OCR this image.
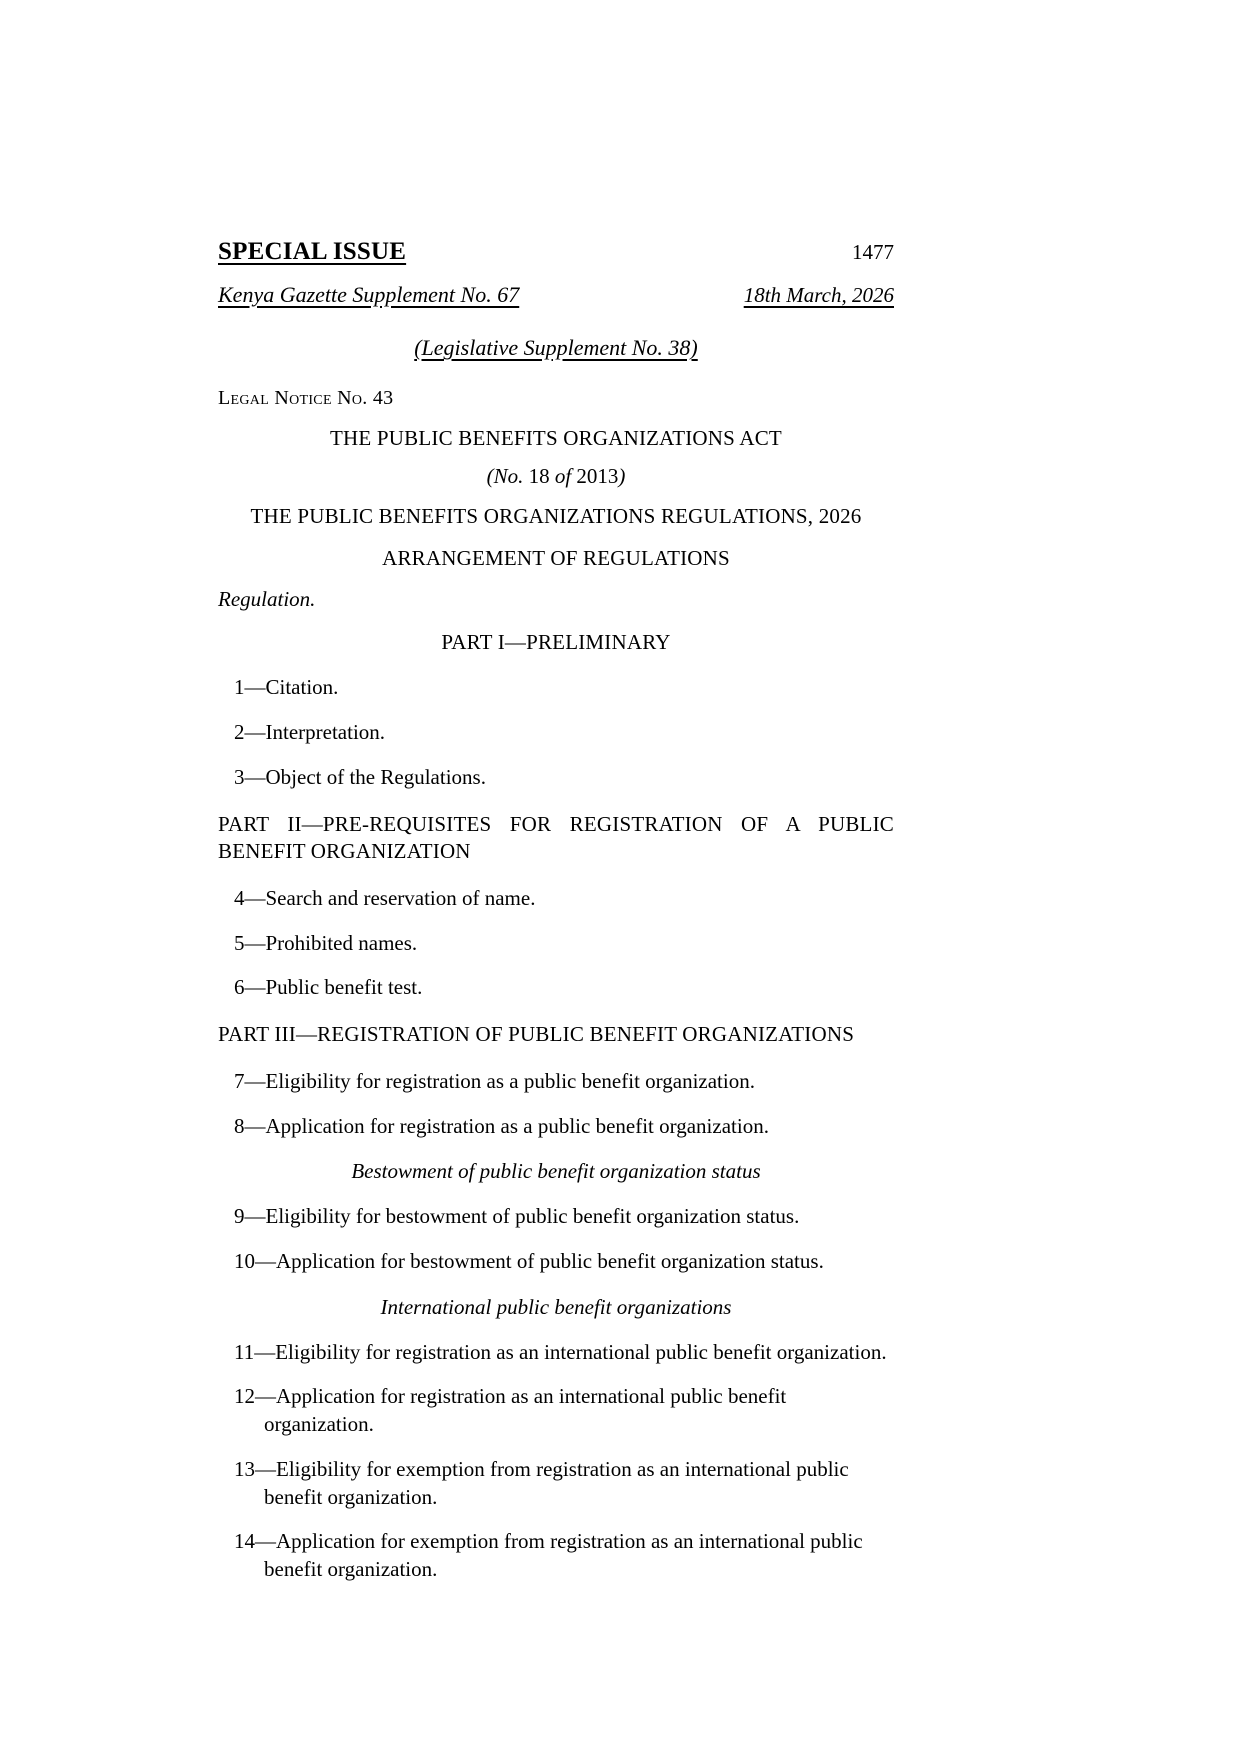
SPECIAL ISSUE	1477
Kenya Gazette Supplement No. 67	18th March, 2026
(Legislative Supplement No. 38)
Legal Notice No. 43
THE PUBLIC BENEFITS ORGANIZATIONS ACT
(No. 18 of 2013)
THE PUBLIC BENEFITS ORGANIZATIONS REGULATIONS, 2026
ARRANGEMENT OF REGULATIONS
Regulation.
PART I—PRELIMINARY
1—Citation.
2—Interpretation.
3—Object of the Regulations.
PART II—PRE-REQUISITES FOR REGISTRATION OF A PUBLIC BENEFIT ORGANIZATION
4—Search and reservation of name.
5—Prohibited names.
6—Public benefit test.
PART III—REGISTRATION OF PUBLIC BENEFIT ORGANIZATIONS
7—Eligibility for registration as a public benefit organization.
8—Application for registration as a public benefit organization.
Bestowment of public benefit organization status
9—Eligibility for bestowment of public benefit organization status.
10—Application for bestowment of public benefit organization status.
International public benefit organizations
11—Eligibility for registration as an international public benefit organization.
12—Application for registration as an international public benefit organization.
13—Eligibility for exemption from registration as an international public benefit organization.
14—Application for exemption from registration as an international public benefit organization.
